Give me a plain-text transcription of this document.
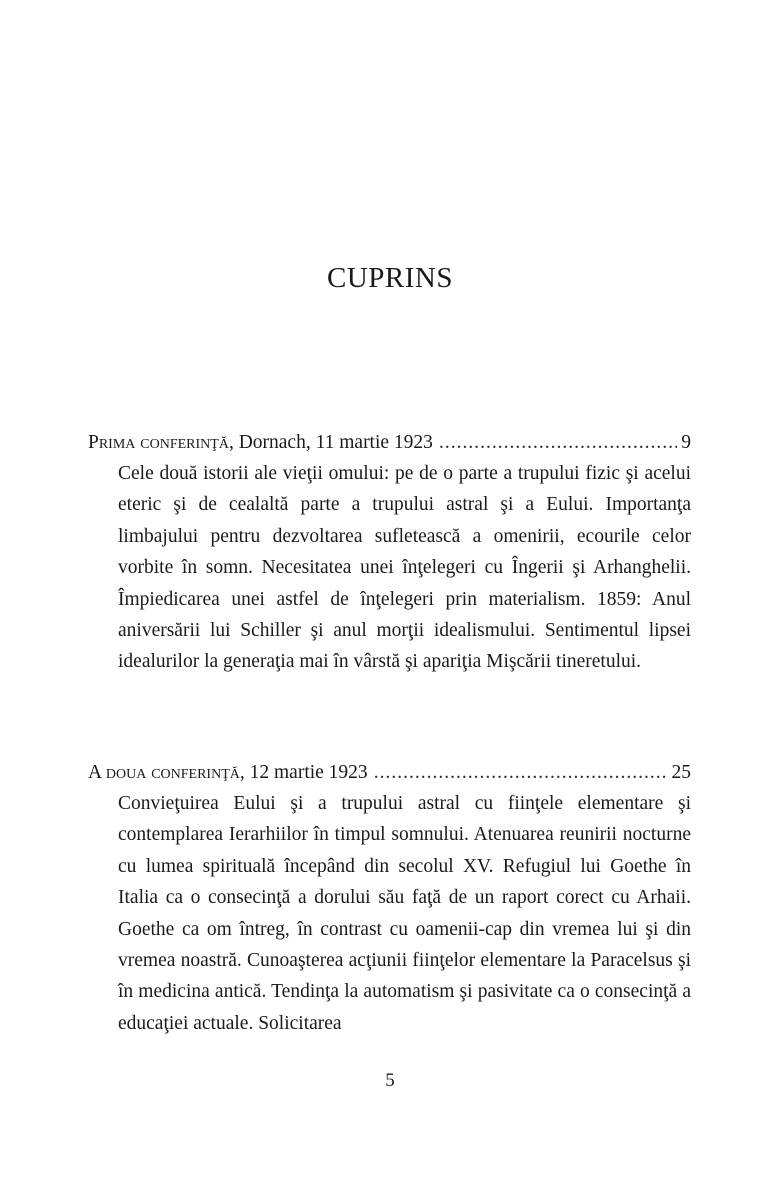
CUPRINS
Prima conferinţă , Dornach, 11 martie 1923 .....	9

Cele două istorii ale vieţii omului: pe de o parte a trupului fizic şi acelui eteric şi de cealaltă parte a trupului astral şi a Eului. Importanţa limbajului pentru dezvoltarea sufletească a omenirii, ecourile celor vorbite în somn. Necesitatea unei înţelegeri cu Îngerii şi Arhanghelii. Împiedicarea unei astfel de înţelegeri prin materialism. 1859: Anul aniversării lui Schiller şi anul morţii idealismului. Sentimentul lipsei idealurilor la generaţia mai în vârstă şi apariţia Mişcării tineretului.

A doua conferinţă , 12 martie 1923 .....	25

Convieţuirea Eului şi a trupului astral cu fiinţele elementare şi contemplarea Ierarhiilor în timpul somnului. Atenuarea reunirii nocturne cu lumea spirituală începând din secolul XV. Refugiul lui Goethe în Italia ca o consecinţă a dorului său faţă de un raport corect cu Arhaii. Goethe ca om întreg, în contrast cu oamenii-cap din vremea lui şi din vremea noastră. Cunoaşterea acţiunii fiinţelor elementare la Paracelsus şi în medicina antică. Tendinţa la automatism şi pasivitate ca o consecinţă a educaţiei actuale. Solicitarea

5
